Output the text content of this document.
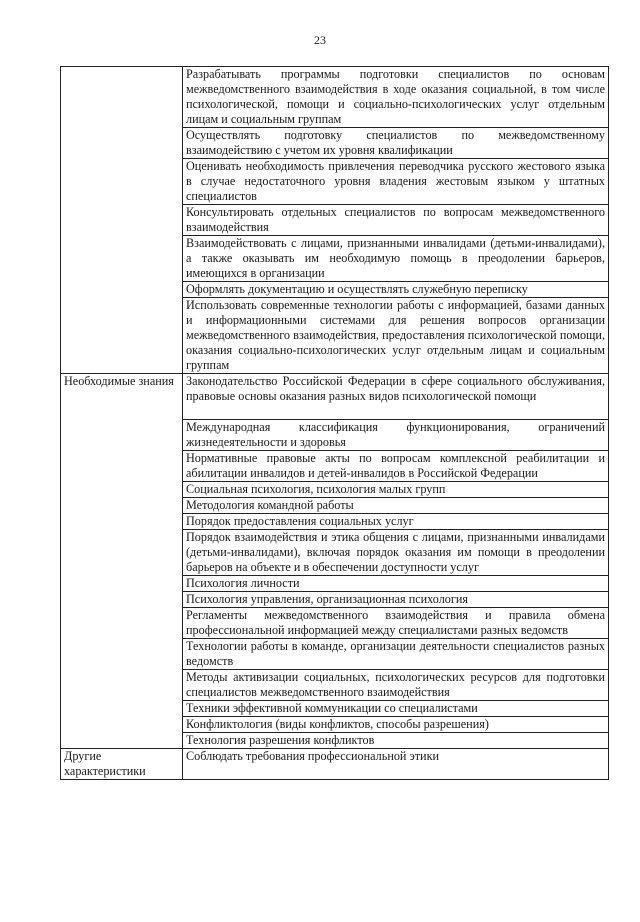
23
	Разрабатывать программы подготовки специалистов по основам межведомственного взаимодействия в ходе оказания социальной, в том числе психологической, помощи и социально-психологических услуг отдельным лицам и социальным группам
	Осуществлять подготовку специалистов по межведомственному взаимодействию с учетом их уровня квалификации
	Оценивать необходимость привлечения переводчика русского жестового языка в случае недостаточного уровня владения жестовым языком у штатных специалистов
	Консультировать отдельных специалистов по вопросам межведомственного взаимодействия
	Взаимодействовать с лицами, признанными инвалидами (детьми-инвалидами), а также оказывать им необходимую помощь в преодолении барьеров, имеющихся в организации
	Оформлять документацию и осуществлять служебную переписку
	Использовать современные технологии работы с информацией, базами данных и информационными системами для решения вопросов организации межведомственного взаимодействия, предоставления психологической помощи, оказания социально-психологических услуг отдельным лицам и социальным группам
Необходимые знания	Законодательство Российской Федерации в сфере социального обслуживания, правовые основы оказания разных видов психологической помощи
	Международная классификация функционирования, ограничений жизнедеятельности и здоровья
	Нормативные правовые акты по вопросам комплексной реабилитации и абилитации инвалидов и детей-инвалидов в Российской Федерации
	Социальная психология, психология малых групп
	Методология командной работы
	Порядок предоставления социальных услуг
	Порядок взаимодействия и этика общения с лицами, признанными инвалидами (детьми-инвалидами), включая порядок оказания им помощи в преодолении барьеров на объекте и в обеспечении доступности услуг
	Психология личности
	Психология управления, организационная психология
	Регламенты межведомственного взаимодействия и правила обмена профессиональной информацией между специалистами разных ведомств
	Технологии работы в команде, организации деятельности специалистов разных ведомств
	Методы активизации социальных, психологических ресурсов для подготовки специалистов межведомственного взаимодействия
	Техники эффективной коммуникации со специалистами
	Конфликтология (виды конфликтов, способы разрешения)
	Технология разрешения конфликтов
Другие характеристики	Соблюдать требования профессиональной этики
